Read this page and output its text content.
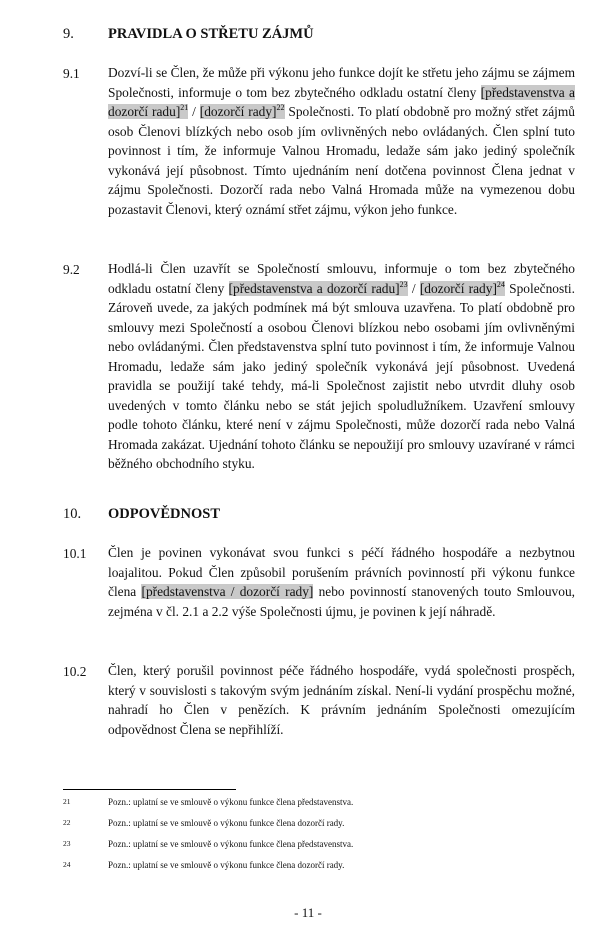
9. PRAVIDLA O STŘETU ZÁJMŮ
9.1 Dozví-li se Člen, že může při výkonu jeho funkce dojít ke střetu jeho zájmu se zájmem Společnosti, informuje o tom bez zbytečného odkladu ostatní členy [představenstva a dozorčí radu]$^{21}$ / [dozorčí rady]$^{22}$ Společnosti. To platí obdobně pro možný střet zájmů osob Členovi blízkých nebo osob jím ovlivněných nebo ovládaných. Člen splní tuto povinnost i tím, že informuje Valnou Hromadu, ledaže sám jako jediný společník vykonává její působnost. Tímto ujednáním není dotčena povinnost Člena jednat v zájmu Společnosti. Dozorčí rada nebo Valná Hromada může na vymezenou dobu pozastavit Členovi, který oznámí střet zájmu, výkon jeho funkce.
9.2 Hodlá-li Člen uzavřít se Společností smlouvu, informuje o tom bez zbytečného odkladu ostatní členy [představenstva a dozorčí radu]$^{23}$ / [dozorčí rady]$^{24}$ Společnosti. Zároveň uvede, za jakých podmínek má být smlouva uzavřena. To platí obdobně pro smlouvy mezi Společností a osobou Členovi blízkou nebo osobami jím ovlivněnými nebo ovládanými. Člen představenstva splní tuto povinnost i tím, že informuje Valnou Hromadu, ledaže sám jako jediný společník vykonává její působnost. Uvedená pravidla se použijí také tehdy, má-li Společnost zajistit nebo utvrdit dluhy osob uvedených v tomto článku nebo se stát jejich spoludlužníkem. Uzavření smlouvy podle tohoto článku, které není v zájmu Společnosti, může dozorčí rada nebo Valná Hromada zakázat. Ujednání tohoto článku se nepoužijí pro smlouvy uzavírané v rámci běžného obchodního styku.
10. ODPOVĚDNOST
10.1 Člen je povinen vykonávat svou funkci s péčí řádného hospodáře a nezbytnou loajalitou. Pokud Člen způsobil porušením právních povinností při výkonu funkce člena [představenstva / dozorčí rady] nebo povinností stanovených touto Smlouvou, zejména v čl. 2.1 a 2.2 výše Společnosti újmu, je povinen k její náhradě.
10.2 Člen, který porušil povinnost péče řádného hospodáře, vydá společnosti prospěch, který v souvislosti s takovým svým jednáním získal. Není-li vydání prospěchu možné, nahradí ho Člen v penězích. K právním jednáním Společnosti omezujícím odpovědnost Člena se nepřihlíží.
21	Pozn.: uplatní se ve smlouvě o výkonu funkce člena představenstva.
22	Pozn.: uplatní se ve smlouvě o výkonu funkce člena dozorčí rady.
23	Pozn.: uplatní se ve smlouvě o výkonu funkce člena představenstva.
24	Pozn.: uplatní se ve smlouvě o výkonu funkce člena dozorčí rady.
- 11 -
